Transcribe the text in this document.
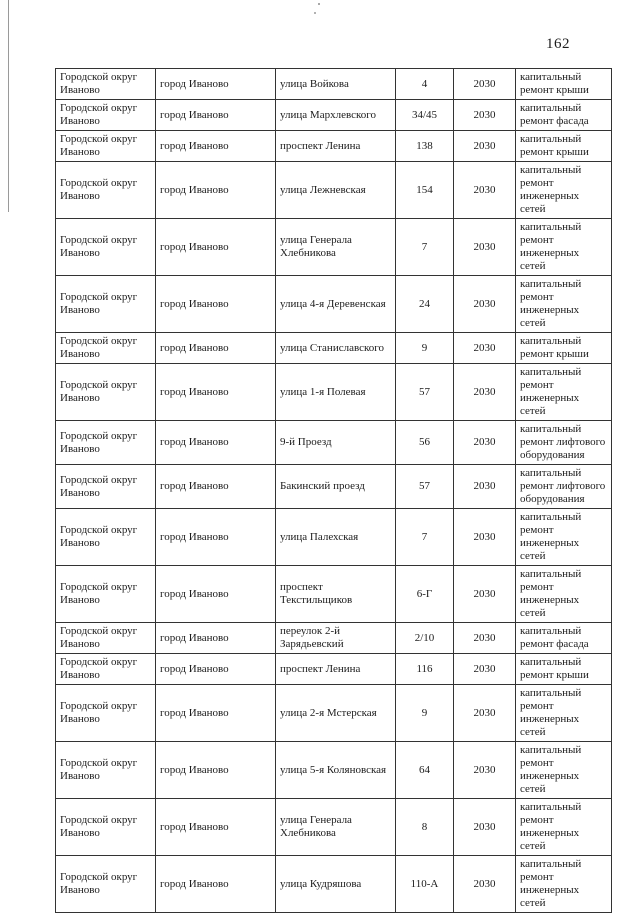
162
Городской округ Иваново	город Иваново	улица Войкова	4	2030	капитальный ремонт крыши
Городской округ Иваново	город Иваново	улица Мархлевского	34/45	2030	капитальный ремонт фасада
Городской округ Иваново	город Иваново	проспект Ленина	138	2030	капитальный ремонт крыши
Городской округ Иваново	город Иваново	улица Лежневская	154	2030	капитальный ремонт инженерных сетей
Городской округ Иваново	город Иваново	улица Генерала Хлебникова	7	2030	капитальный ремонт инженерных сетей
Городской округ Иваново	город Иваново	улица 4-я Деревенская	24	2030	капитальный ремонт инженерных сетей
Городской округ Иваново	город Иваново	улица Станиславского	9	2030	капитальный ремонт крыши
Городской округ Иваново	город Иваново	улица 1-я Полевая	57	2030	капитальный ремонт инженерных сетей
Городской округ Иваново	город Иваново	9-й Проезд	56	2030	капитальный ремонт лифтового оборудования
Городской округ Иваново	город Иваново	Бакинский проезд	57	2030	капитальный ремонт лифтового оборудования
Городской округ Иваново	город Иваново	улица Палехская	7	2030	капитальный ремонт инженерных сетей
Городской округ Иваново	город Иваново	проспект Текстильщиков	6-Г	2030	капитальный ремонт инженерных сетей
Городской округ Иваново	город Иваново	переулок 2-й Зарядьевский	2/10	2030	капитальный ремонт фасада
Городской округ Иваново	город Иваново	проспект Ленина	116	2030	капитальный ремонт крыши
Городской округ Иваново	город Иваново	улица 2-я Мстерская	9	2030	капитальный ремонт инженерных сетей
Городской округ Иваново	город Иваново	улица 5-я Коляновская	64	2030	капитальный ремонт инженерных сетей
Городской округ Иваново	город Иваново	улица Генерала Хлебникова	8	2030	капитальный ремонт инженерных сетей
Городской округ Иваново	город Иваново	улица Кудряшова	110-А	2030	капитальный ремонт инженерных сетей
